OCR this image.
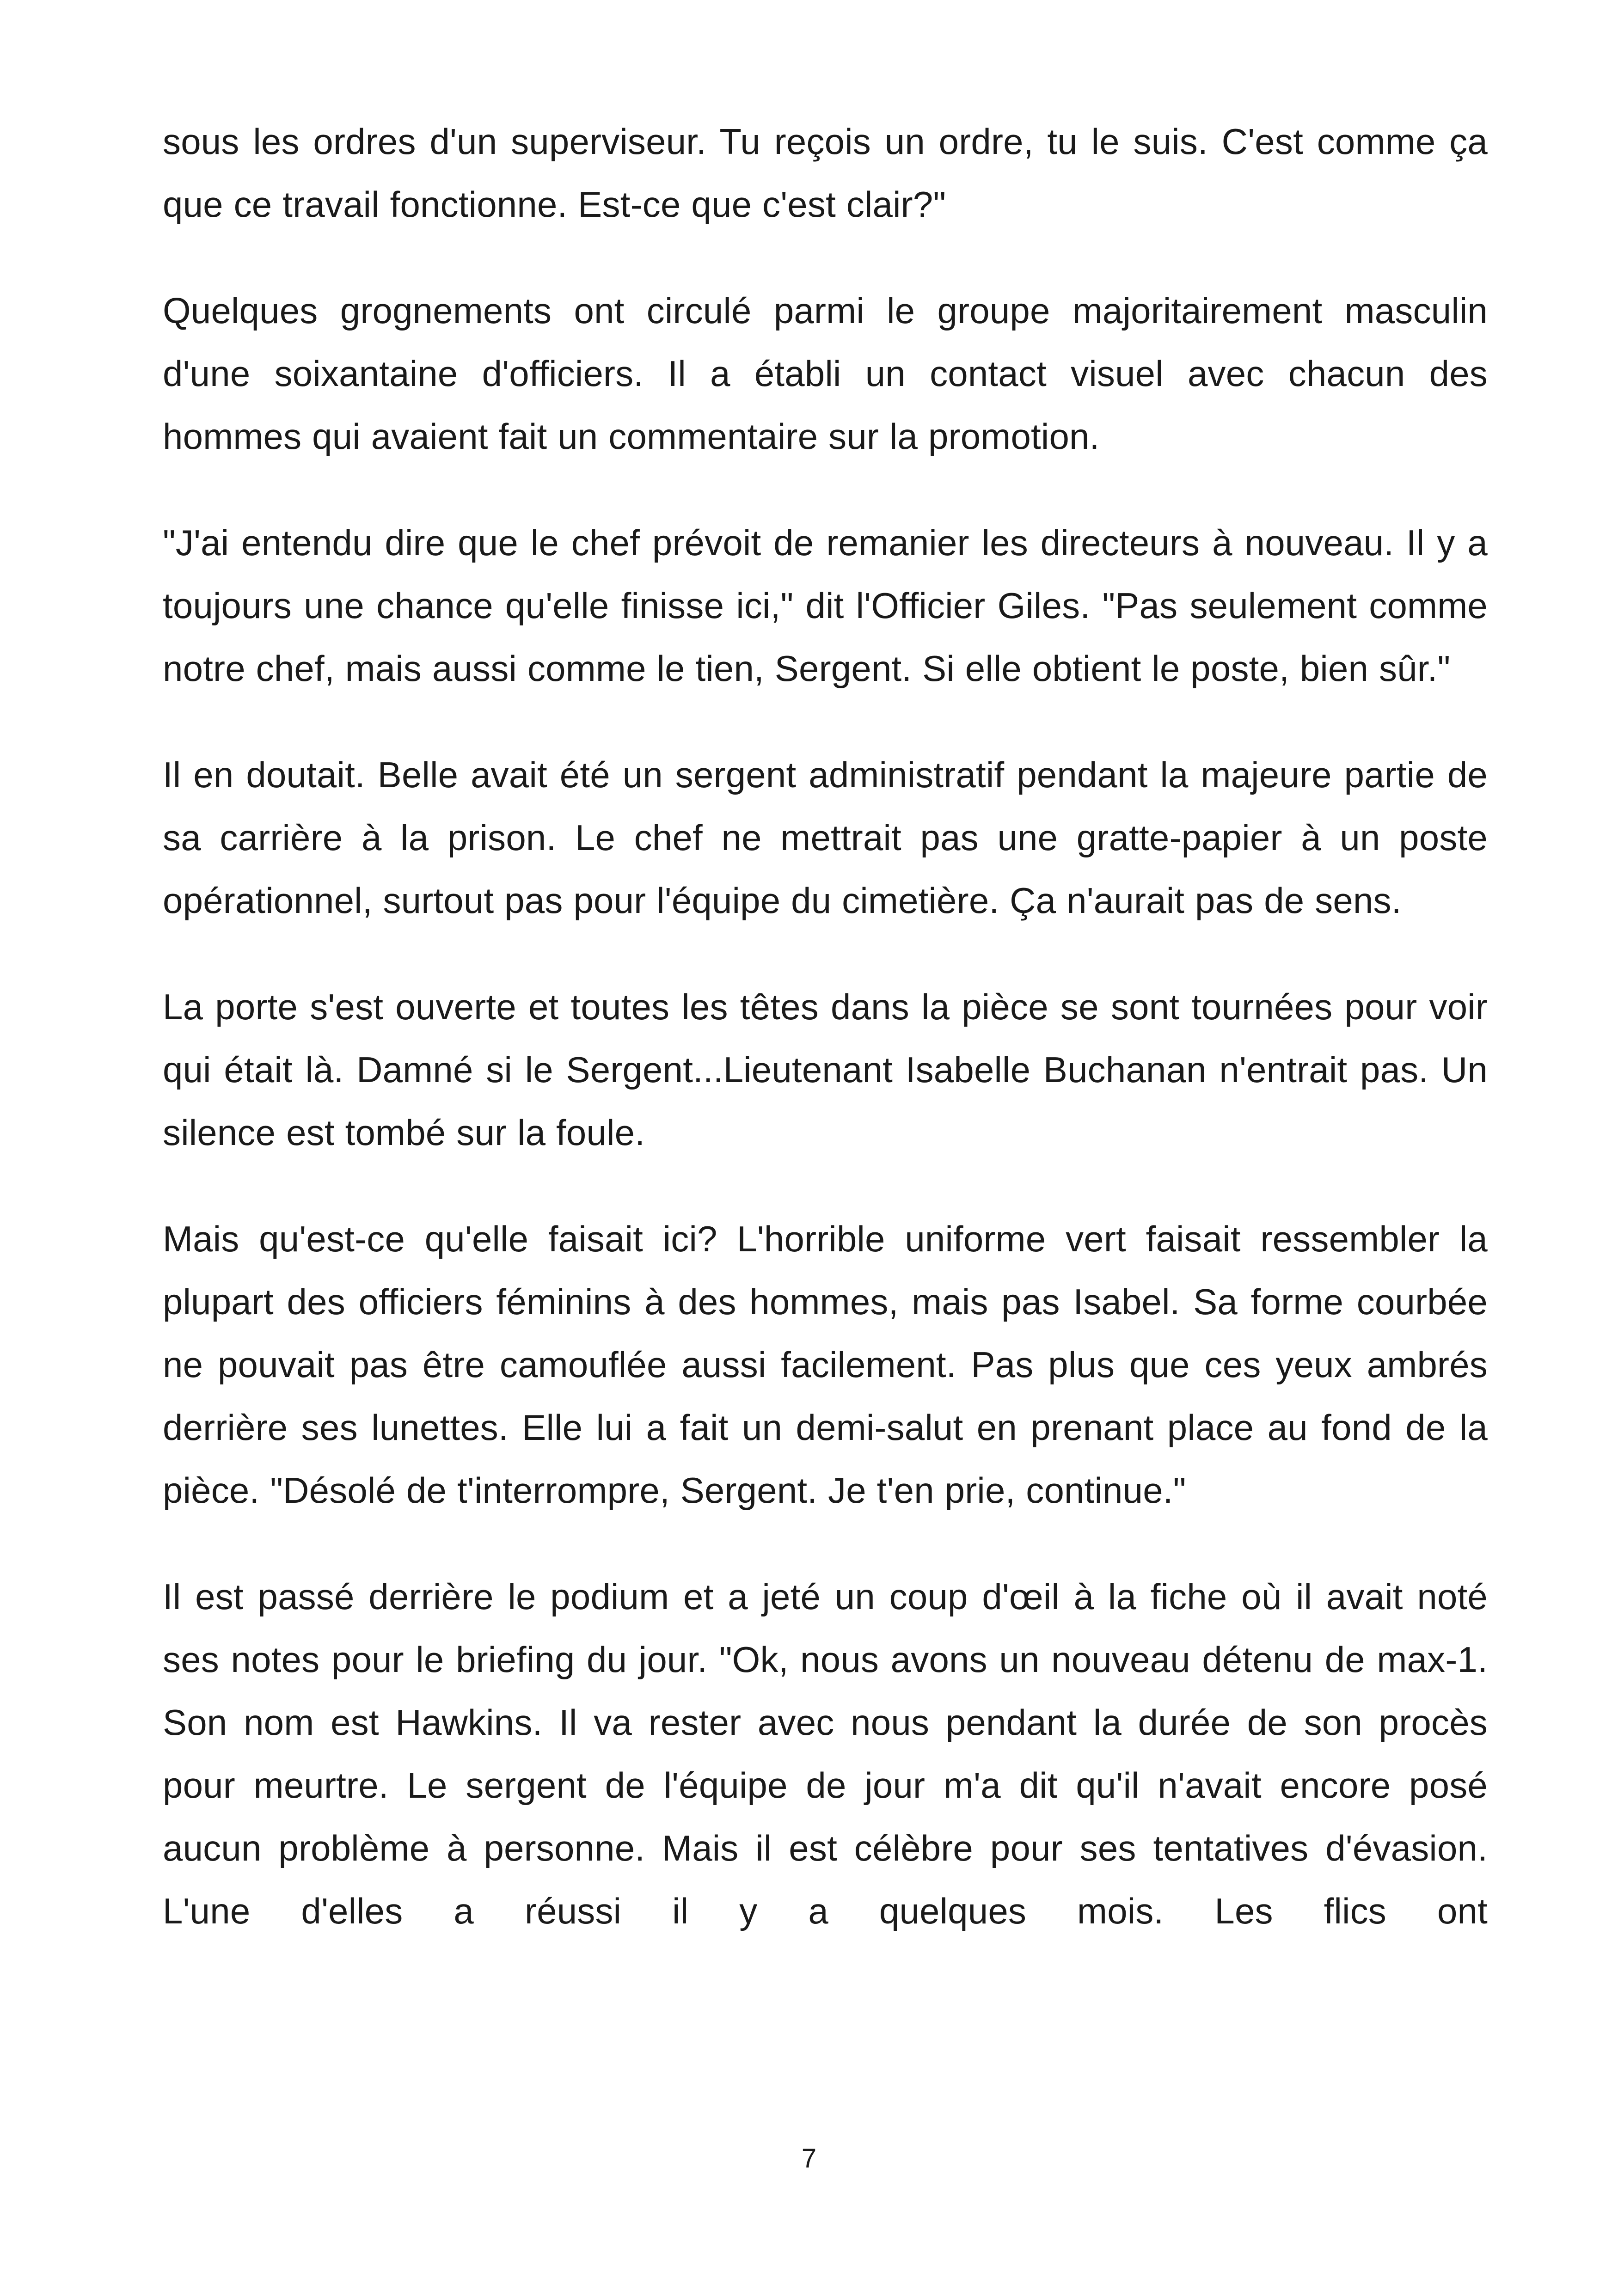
sous les ordres d'un superviseur. Tu reçois un ordre, tu le suis. C'est comme ça que ce travail fonctionne. Est-ce que c'est clair?"

Quelques grognements ont circulé parmi le groupe majoritairement masculin d'une soixantaine d'officiers. Il a établi un contact visuel avec chacun des hommes qui avaient fait un commentaire sur la promotion.

"J'ai entendu dire que le chef prévoit de remanier les directeurs à nouveau. Il y a toujours une chance qu'elle finisse ici," dit l'Officier Giles. "Pas seulement comme notre chef, mais aussi comme le tien, Sergent. Si elle obtient le poste, bien sûr."

Il en doutait. Belle avait été un sergent administratif pendant la majeure partie de sa carrière à la prison. Le chef ne mettrait pas une gratte-papier à un poste opérationnel, surtout pas pour l'équipe du cimetière. Ça n'aurait pas de sens.

La porte s'est ouverte et toutes les têtes dans la pièce se sont tournées pour voir qui était là. Damné si le Sergent...Lieutenant Isabelle Buchanan n'entrait pas. Un silence est tombé sur la foule.

Mais qu'est-ce qu'elle faisait ici? L'horrible uniforme vert faisait ressembler la plupart des officiers féminins à des hommes, mais pas Isabel. Sa forme courbée ne pouvait pas être camouflée aussi facilement. Pas plus que ces yeux ambrés derrière ses lunettes. Elle lui a fait un demi-salut en prenant place au fond de la pièce. "Désolé de t'interrompre, Sergent. Je t'en prie, continue."

Il est passé derrière le podium et a jeté un coup d'œil à la fiche où il avait noté ses notes pour le briefing du jour. "Ok, nous avons un nouveau détenu de max-1. Son nom est Hawkins. Il va rester avec nous pendant la durée de son procès pour meurtre. Le sergent de l'équipe de jour m'a dit qu'il n'avait encore posé aucun problème à personne. Mais il est célèbre pour ses tentatives d'évasion. L'une d'elles a réussi il y a quelques mois. Les flics ont

7
